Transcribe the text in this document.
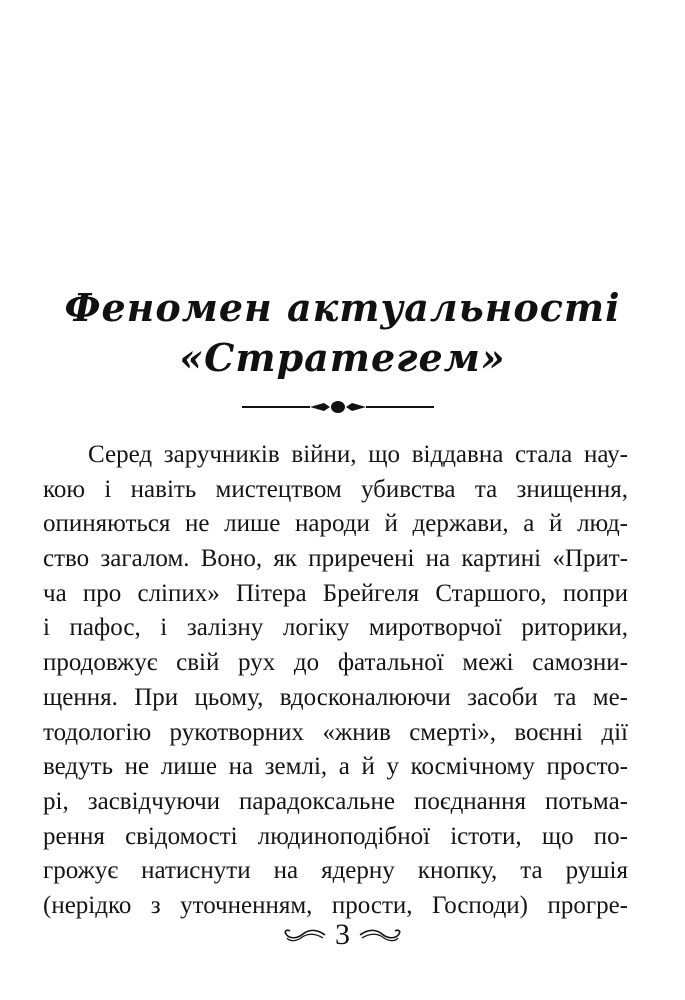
Феномен актуальності
«Стратегем»
Серед заручників війни, що віддавна стала нау-
кою і навіть мистецтвом убивства та знищення,
опиняються не лише народи й держави, а й люд-
ство загалом. Воно, як приречені на картині «Прит-
ча про сліпих» Пітера Брейгеля Старшого, попри
і пафос, і залізну логіку миротворчої риторики,
продовжує свій рух до фатальної межі самозни-
щення. При цьому, вдосконалюючи засоби та ме-
тодологію рукотворних «жнив смерті», воєнні дії
ведуть не лише на землі, а й у космічному просто-
рі, засвідчуючи парадоксальне поєднання потьма-
рення свідомості людиноподібної істоти, що по-
грожує натиснути на ядерну кнопку, та рушія
(нерідко з уточненням, прости, Господи) прогре-
3
